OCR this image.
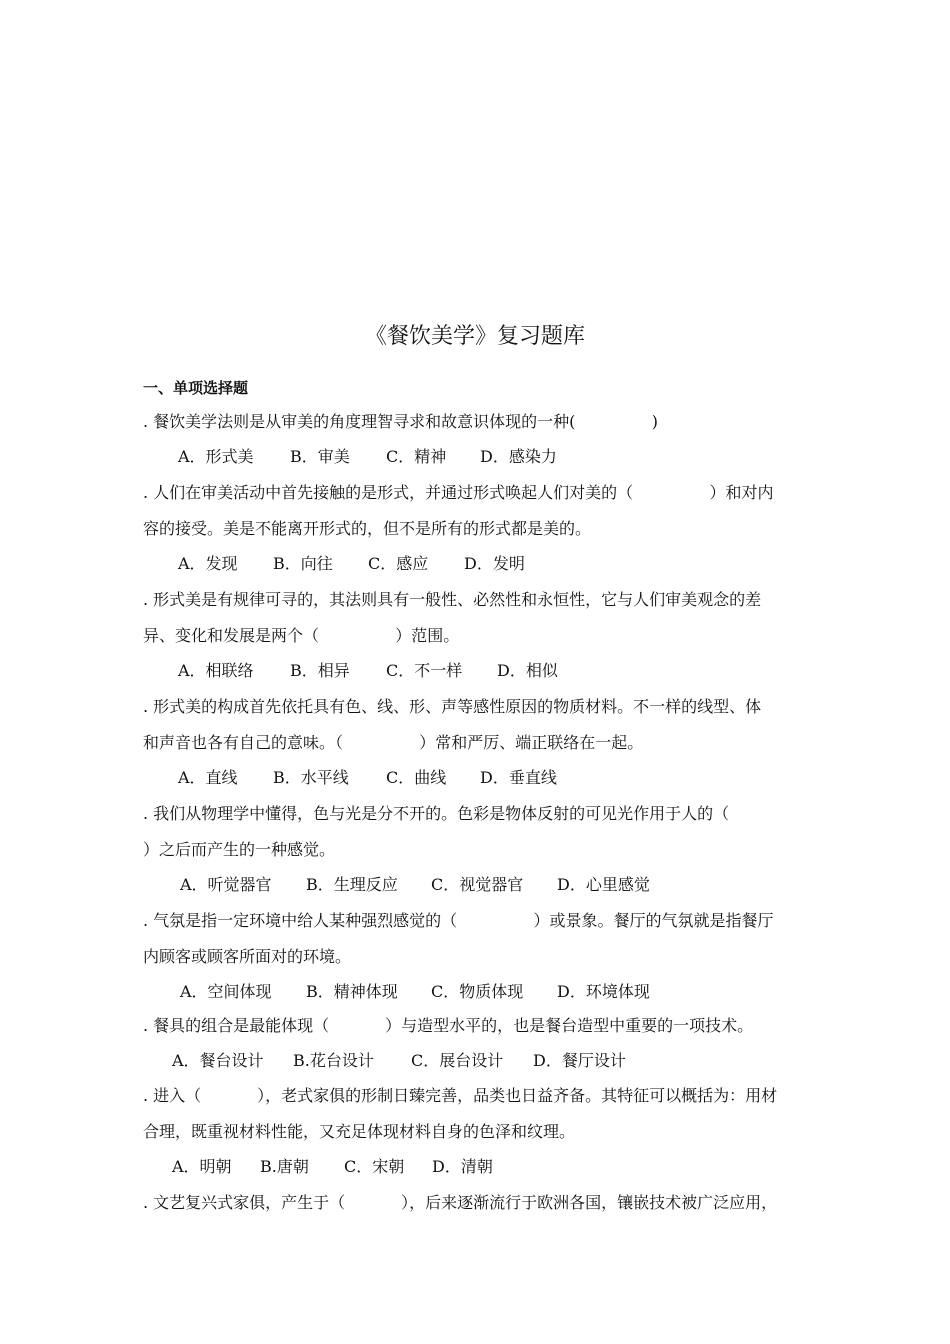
《餐饮美学》复习题库
一、单项选择题
. 餐饮美学法则是从审美的角度理智寻求和故意识体现的一种(               )
A．形式美 B．审美 C．精神 D．感染力
. 人们在审美活动中首先接触的是形式，并通过形式唤起人们对美的（               ）和对内
容的接受。美是不能离开形式的，但不是所有的形式都是美的。
A．发现 B．向往 C．感应 D．发明
. 形式美是有规律可寻的，其法则具有一般性、必然性和永恒性，它与人们审美观念的差
异、变化和发展是两个（               ）范围。
A．相联络 B．相异 C．不一样 D．相似
. 形式美的构成首先依托具有色、线、形、声等感性原因的物质材料。不一样的线型、体
和声音也各有自己的意味。（               ）常和严厉、端正联络在一起。
A．直线 B．水平线 C．曲线 D．垂直线
. 我们从物理学中懂得，色与光是分不开的。色彩是物体反射的可见光作用于人的（
）之后而产生的一种感觉。
A．听觉器官 B．生理反应 C．视觉器官 D．心里感觉
. 气氛是指一定环境中给人某种强烈感觉的（               ）或景象。餐厅的气氛就是指餐厅
内顾客或顾客所面对的环境。
A．空间体现 B．精神体现 C．物质体现 D．环境体现
. 餐具的组合是最能体现（           ）与造型水平的，也是餐台造型中重要的一项技术。
A．餐台设计 B.花台设计 C．展台设计 D．餐厅设计
. 进入（           ），老式家俱的形制日臻完善，品类也日益齐备。其特征可以概括为：用材
合理，既重视材料性能，又充足体现材料自身的色泽和纹理。
A．明朝 B.唐朝 C．宋朝 D．清朝
. 文艺复兴式家俱，产生于（           ），后来逐渐流行于欧洲各国，镶嵌技术被广泛应用，
